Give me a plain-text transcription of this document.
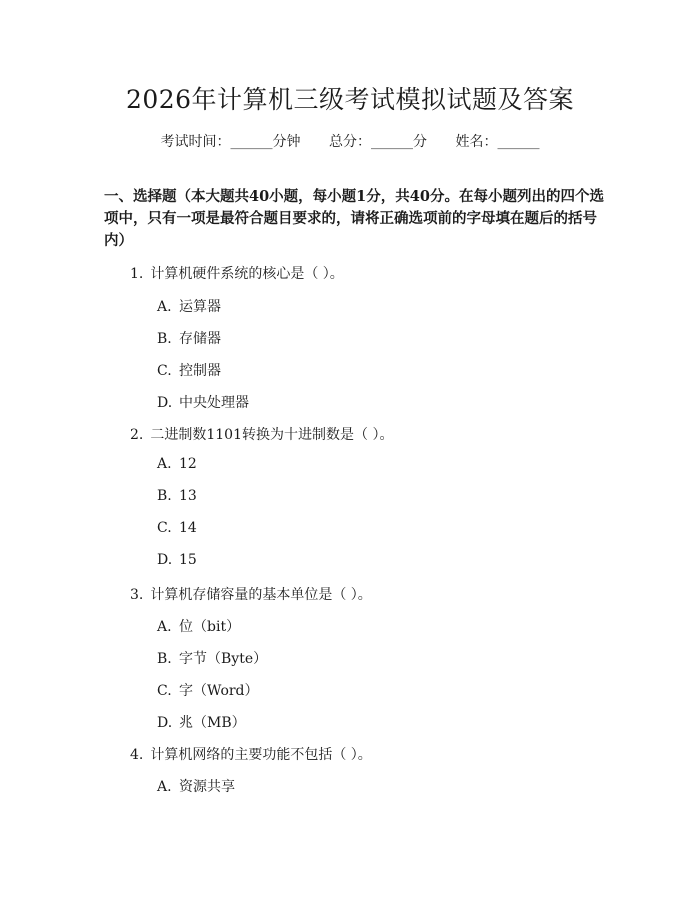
2026年计算机三级考试模拟试题及答案
考试时间：______分钟 总分：______分 姓名：______

一、选择题（本大题共40小题，每小题1分，共40分。在每小题列出的四个选项中，只有一项是最符合题目要求的，请将正确选项前的字母填在题后的括号内）

1. 计算机硬件系统的核心是（ ）。
A. 运算器
B. 存储器
C. 控制器
D. 中央处理器
2. 二进制数1101转换为十进制数是（ ）。
A. 12
B. 13
C. 14
D. 15
3. 计算机存储容量的基本单位是（ ）。
A. 位（bit）
B. 字节（Byte）
C. 字（Word）
D. 兆（MB）
4. 计算机网络的主要功能不包括（ ）。
A. 资源共享
